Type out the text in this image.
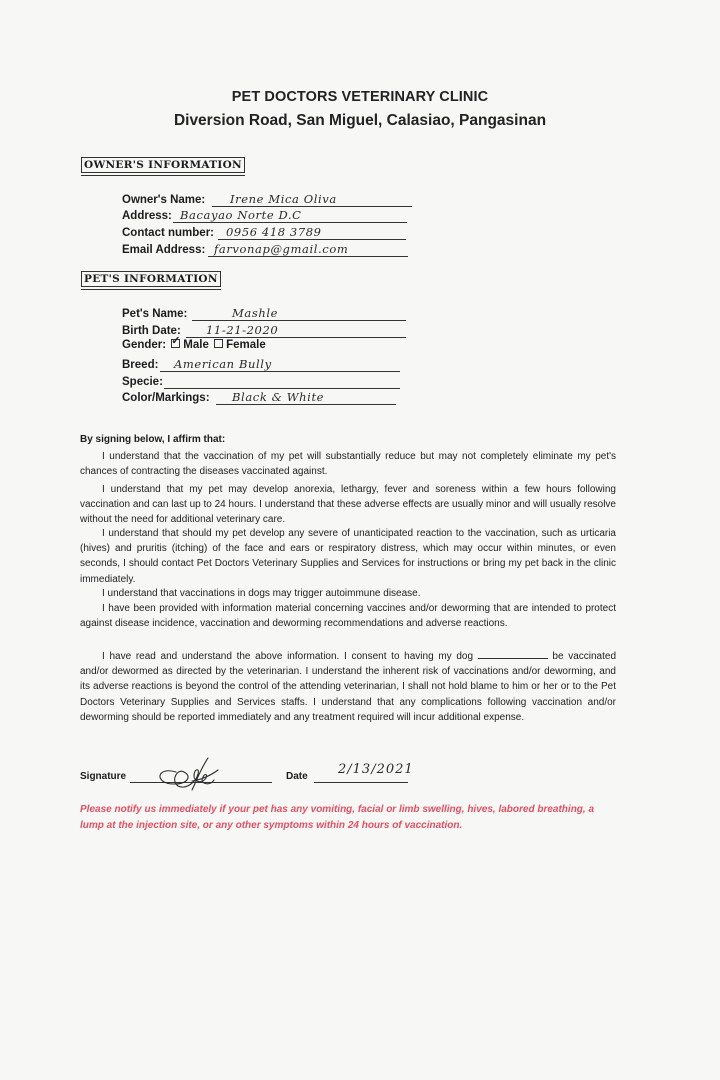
PET DOCTORS VETERINARY CLINIC
Diversion Road, San Miguel, Calasiao, Pangasinan
OWNER'S INFORMATION
Owner's Name: Irene Mica Oliva
Address: Bacayao Norte D.C
Contact number: 0956 418 3789
Email Address: farvonap@gmail.com
PET'S INFORMATION
Pet's Name:	Mashle
Birth Date: 11-21-2020
Gender: ✓ Male Female
Breed: American Bully
Specie:
Color/Markings: Black & White
By signing below, I affirm that:

I understand that the vaccination of my pet will substantially reduce but may not completely eliminate my pet's chances of contracting the diseases vaccinated against.

I understand that my pet may develop anorexia, lethargy, fever and soreness within a few hours following vaccination and can last up to 24 hours. I understand that these adverse effects are usually minor and will usually resolve without the need for additional veterinary care.

I understand that should my pet develop any severe of unanticipated reaction to the vaccination, such as urticaria (hives) and pruritis (itching) of the face and ears or respiratory distress, which may occur within minutes, or even seconds, I should contact Pet Doctors Veterinary Supplies and Services for instructions or bring my pet back in the clinic immediately.

I understand that vaccinations in dogs may trigger autoimmune disease.

I have been provided with information material concerning vaccines and/or deworming that are intended to protect against disease incidence, vaccination and deworming recommendations and adverse reactions.

I have read and understand the above information. I consent to having my dog	be vaccinated and/or dewormed as directed by the veterinarian. I understand the inherent risk of vaccinations and/or deworming, and its adverse reactions is beyond the control of the attending veterinarian, I shall not hold blame to him or her or to the Pet Doctors Veterinary Supplies and Services staffs. I understand that any complications following vaccination and/or deworming should be reported immediately and any treatment required will incur additional expense.

Signature	Date 2/13/2021
Please notify us immediately if your pet has any vomiting, facial or limb swelling, hives, labored breathing, a lump at the injection site, or any other symptoms within 24 hours of vaccination.
